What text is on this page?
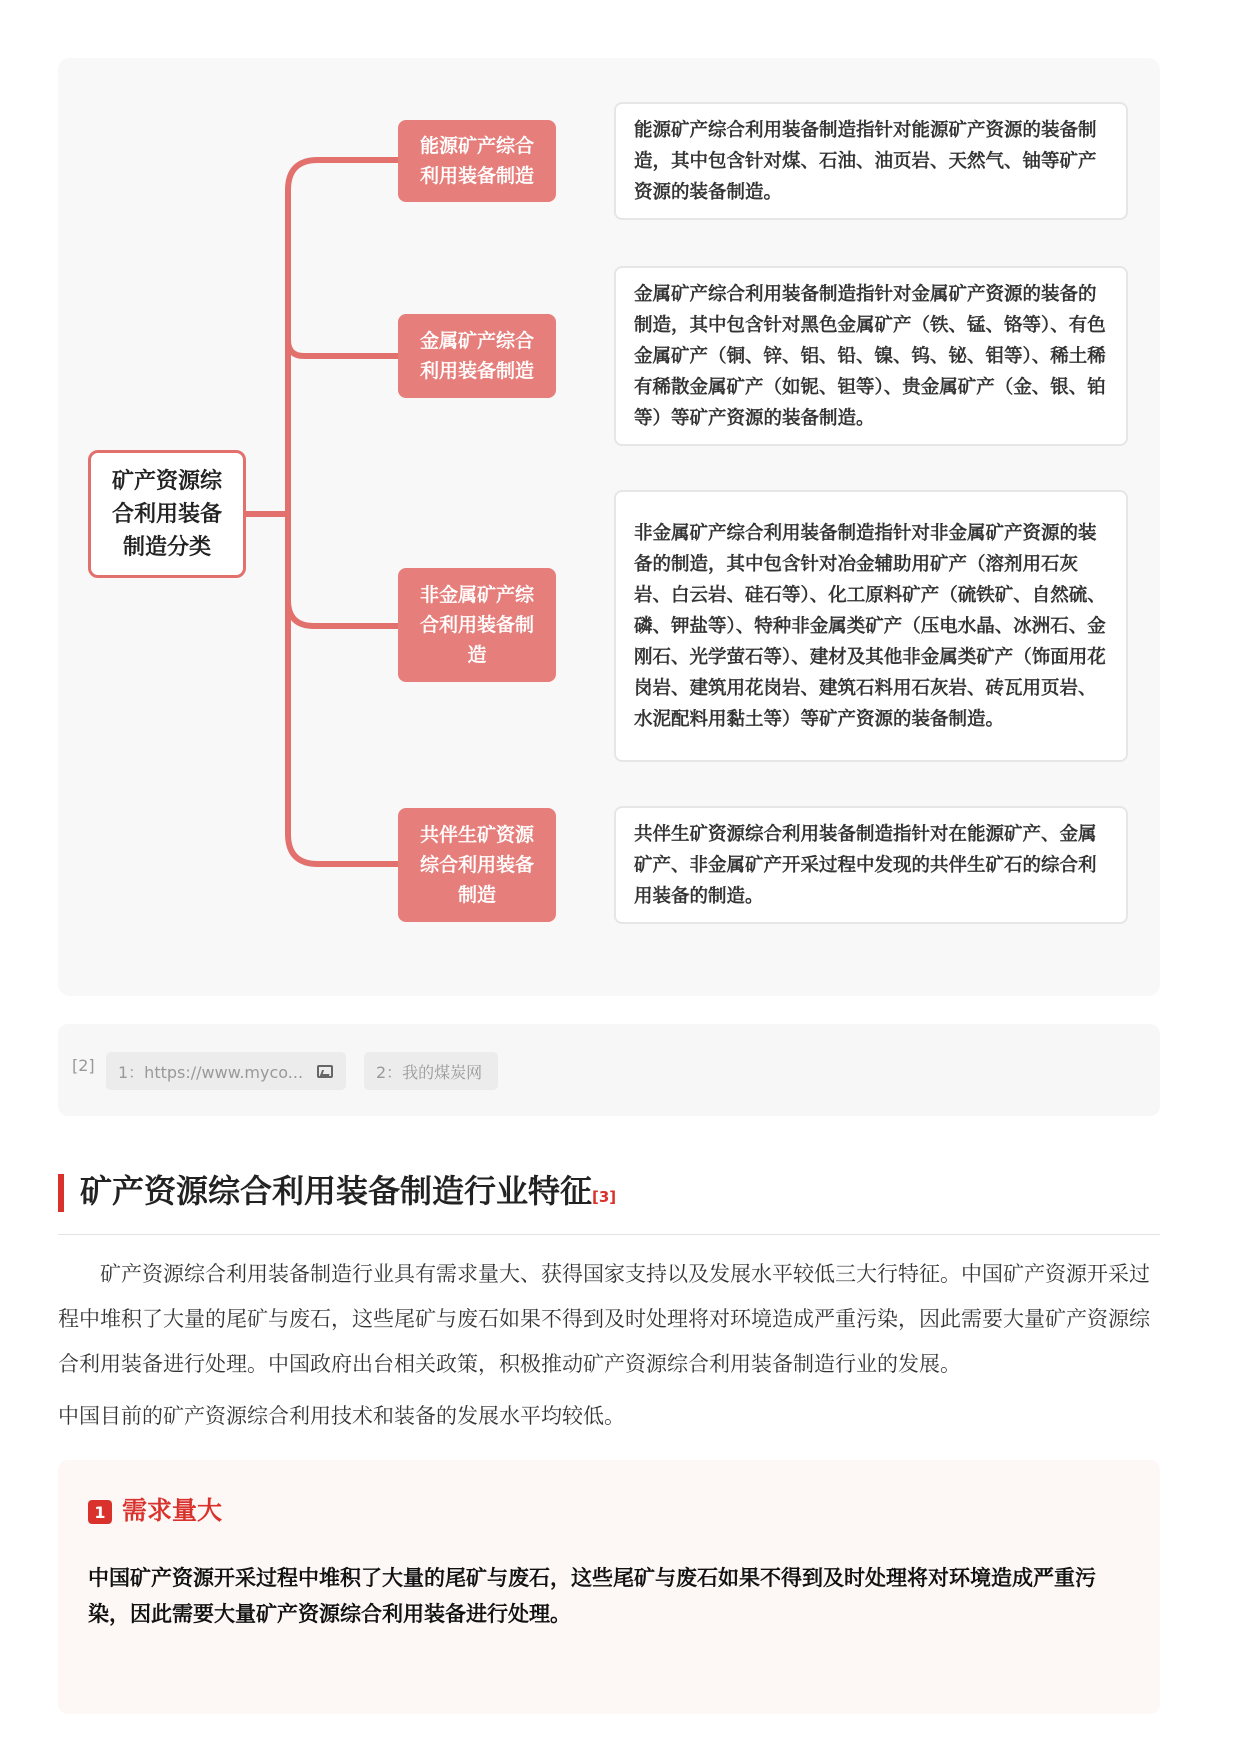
矿产资源综合利用装备制造分类
能源矿产综合利用装备制造
金属矿产综合利用装备制造
非金属矿产综合利用装备制造
共伴生矿资源综合利用装备制造
能源矿产综合利用装备制造指针对能源矿产资源的装备制造，其中包含针对煤、石油、油页岩、天然气、铀等矿产资源的装备制造。
金属矿产综合利用装备制造指针对金属矿产资源的装备的制造，其中包含针对黑色金属矿产（铁、锰、铬等）、有色金属矿产（铜、锌、铝、铅、镍、钨、铋、钼等）、稀土稀有稀散金属矿产（如铌、钽等）、贵金属矿产（金、银、铂等）等矿产资源的装备制造。
非金属矿产综合利用装备制造指针对非金属矿产资源的装备的制造，其中包含针对冶金辅助用矿产（溶剂用石灰岩、白云岩、硅石等）、化工原料矿产（硫铁矿、自然硫、磷、钾盐等）、特种非金属类矿产（压电水晶、冰洲石、金刚石、光学萤石等）、建材及其他非金属类矿产（饰面用花岗岩、建筑用花岗岩、建筑石料用石灰岩、砖瓦用页岩、水泥配料用黏土等）等矿产资源的装备制造。
共伴生矿资源综合利用装备制造指针对在能源矿产、金属矿产、非金属矿产开采过程中发现的共伴生矿石的综合利用装备的制造。
[2] 1：https://www.myco...	2：我的煤炭网
矿产资源综合利用装备制造行业特征[3]
　　矿产资源综合利用装备制造行业具有需求量大、获得国家支持以及发展水平较低三大行特征。中国矿产资源开采过程中堆积了大量的尾矿与废石，这些尾矿与废石如果不得到及时处理将对环境造成严重污染，因此需要大量矿产资源综合利用装备进行处理。中国政府出台相关政策，积极推动矿产资源综合利用装备制造行业的发展。
中国目前的矿产资源综合利用技术和装备的发展水平均较低。
1 需求量大
中国矿产资源开采过程中堆积了大量的尾矿与废石，这些尾矿与废石如果不得到及时处理将对环境造成严重污染，因此需要大量矿产资源综合利用装备进行处理。
